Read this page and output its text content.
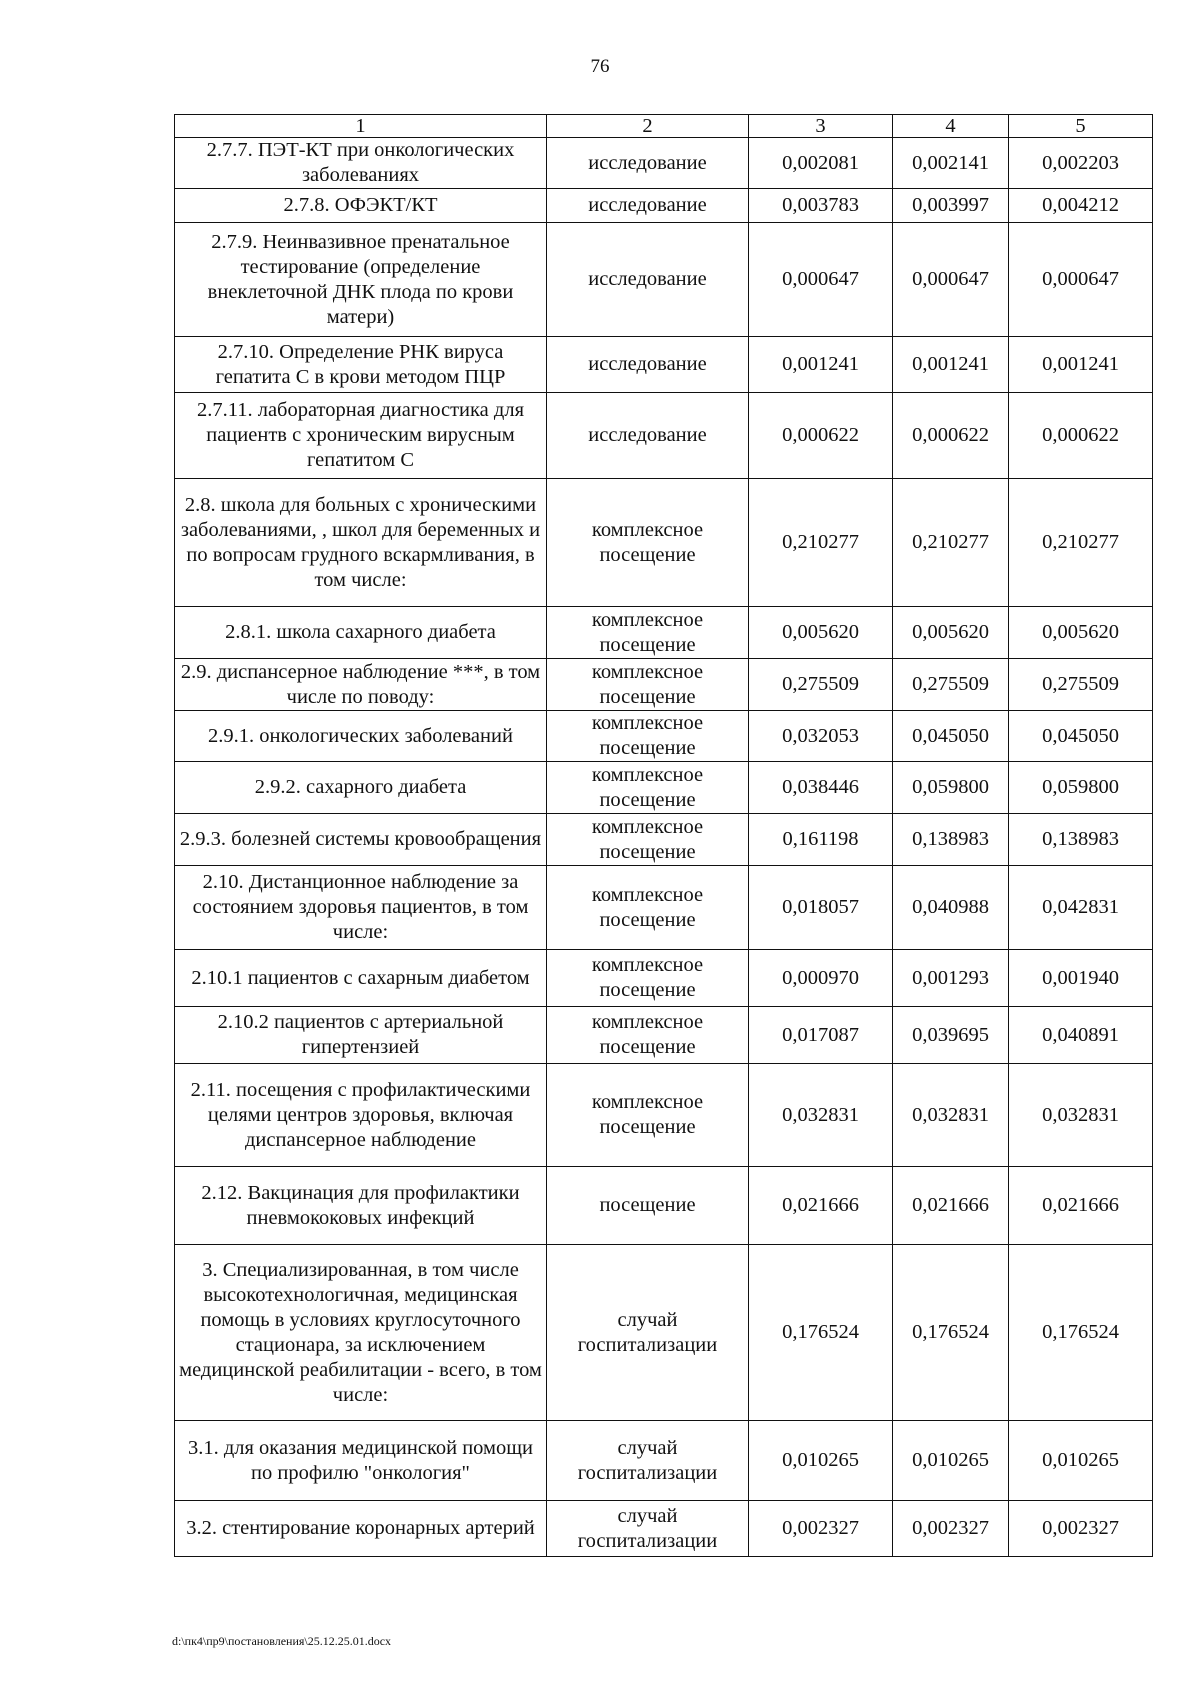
76
1	2	3	4	5
2.7.7. ПЭТ-КТ при онкологических заболеваниях	исследование	0,002081	0,002141	0,002203
2.7.8. ОФЭКТ/КТ	исследование	0,003783	0,003997	0,004212
2.7.9. Неинвазивное пренатальное тестирование (определение внеклеточной ДНК плода по крови матери)	исследование	0,000647	0,000647	0,000647
2.7.10. Определение РНК вируса гепатита С в крови методом ПЦР	исследование	0,001241	0,001241	0,001241
2.7.11. лабораторная диагностика для пациентв с хроническим вирусным гепатитом С	исследование	0,000622	0,000622	0,000622
2.8. школа для больных с хроническими заболеваниями, , школ для беременных и по вопросам грудного вскармливания, в том числе:	комплексное посещение	0,210277	0,210277	0,210277
2.8.1. школа сахарного диабета	комплексное посещение	0,005620	0,005620	0,005620
2.9. диспансерное наблюдение ***, в том числе по поводу:	комплексное посещение	0,275509	0,275509	0,275509
2.9.1. онкологических заболеваний	комплексное посещение	0,032053	0,045050	0,045050
2.9.2. сахарного диабета	комплексное посещение	0,038446	0,059800	0,059800
2.9.3. болезней системы кровообращения	комплексное посещение	0,161198	0,138983	0,138983
2.10. Дистанционное наблюдение за состоянием здоровья пациентов, в том числе:	комплексное посещение	0,018057	0,040988	0,042831
2.10.1 пациентов с сахарным диабетом	комплексное посещение	0,000970	0,001293	0,001940
2.10.2 пациентов с артериальной гипертензией	комплексное посещение	0,017087	0,039695	0,040891
2.11. посещения с профилактическими целями центров здоровья, включая диспансерное наблюдение	комплексное посещение	0,032831	0,032831	0,032831
2.12. Вакцинация для профилактики пневмококовых инфекций	посещение	0,021666	0,021666	0,021666
3. Специализированная, в том числе высокотехнологичная, медицинская помощь в условиях круглосуточного стационара, за исключением медицинской реабилитации - всего, в том числе:	случай госпитализации	0,176524	0,176524	0,176524
3.1. для оказания медицинской помощи по профилю "онкология"	случай госпитализации	0,010265	0,010265	0,010265
3.2. стентирование коронарных артерий	случай госпитализации	0,002327	0,002327	0,002327
d:\пк4\пр9\постановления\25.12.25.01.docx
